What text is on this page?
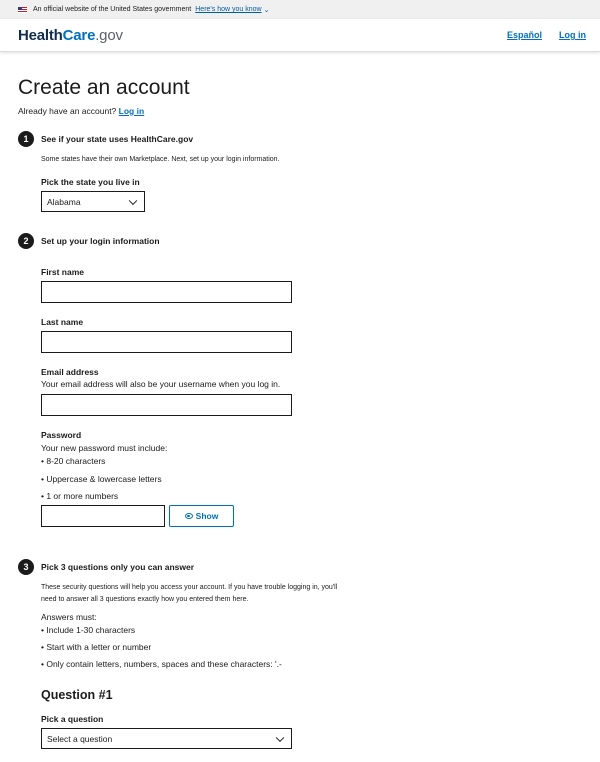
An official website of the United States government Here's how you know ⌄
HealthCare.gov	Español Log in
Create an account

Already have an account? Log in

1	See if your state uses HealthCare.gov
Some states have their own Marketplace. Next, set up your login information.
Pick the state you live in
Alabama
2	Set up your login information
First name
Last name
Email address
Your email address will also be your username when you log in.
Password
Your new password must include:
• 8-20 characters
• Uppercase & lowercase letters
• 1 or more numbers
Show
3	Pick 3 questions only you can answer
These security questions will help you access your account. If you have trouble logging in, you'll
need to answer all 3 questions exactly how you entered them here.
Answers must:
• Include 1-30 characters
• Start with a letter or number
• Only contain letters, numbers, spaces and these characters: '.-
Question #1
Pick a question
Select a question
